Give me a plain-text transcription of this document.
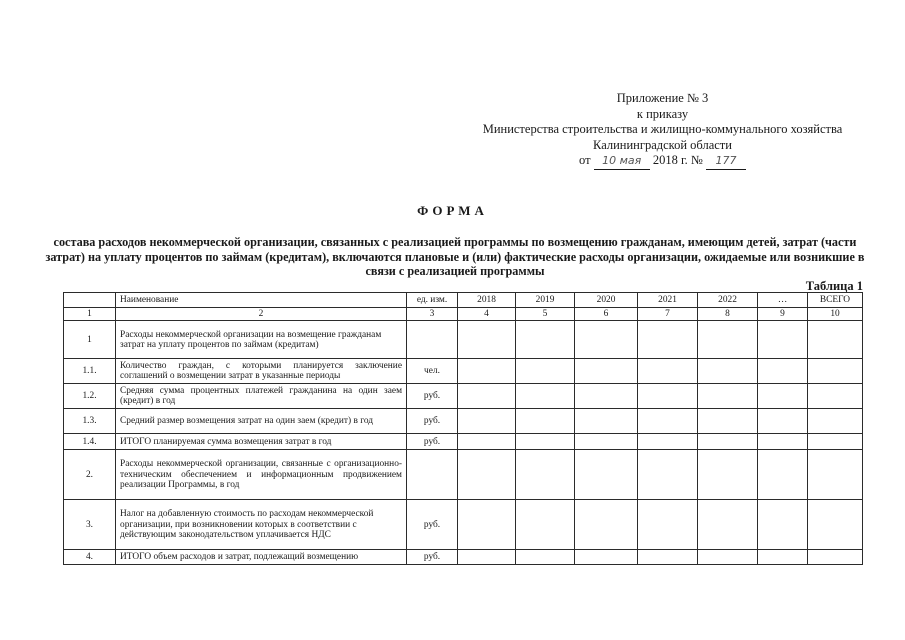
Приложение № 3
к приказу
Министерства строительства и жилищно-коммунального хозяйства
Калининградской области
от 10 мая 2018 г. № 177
ФОРМА
состава расходов некоммерческой организации, связанных с реализацией программы по возмещению гражданам, имеющим детей, затрат (части затрат) на уплату процентов по займам (кредитам), включаются плановые и (или) фактические расходы организации, ожидаемые или возникшие в связи с реализацией программы
Таблица 1
	Наименование	ед. изм.	2018	2019	2020	2021	2022	…	ВСЕГО
1	2	3	4	5	6	7	8	9	10
1	Расходы некоммерческой организации на возмещение гражданам затрат на уплату процентов по займам (кредитам)								
1.1.	Количество граждан, с которыми планируется заключение соглашений о возмещении затрат в указанные периоды	чел.							
1.2.	Средняя сумма процентных платежей гражданина на один заем (кредит) в год	руб.							
1.3.	Средний размер возмещения затрат на один заем (кредит) в год	руб.							
1.4.	ИТОГО планируемая сумма возмещения затрат в год	руб.							
2.	Расходы некоммерческой организации, связанные с организационно-техническим обеспечением и информационным продвижением реализации Программы, в год								
3.	Налог на добавленную стоимость по расходам некоммерческой организации, при возникновении которых в соответствии с действующим законодательством уплачивается НДС	руб.							
4.	ИТОГО объем расходов и затрат, подлежащий возмещению	руб.							
